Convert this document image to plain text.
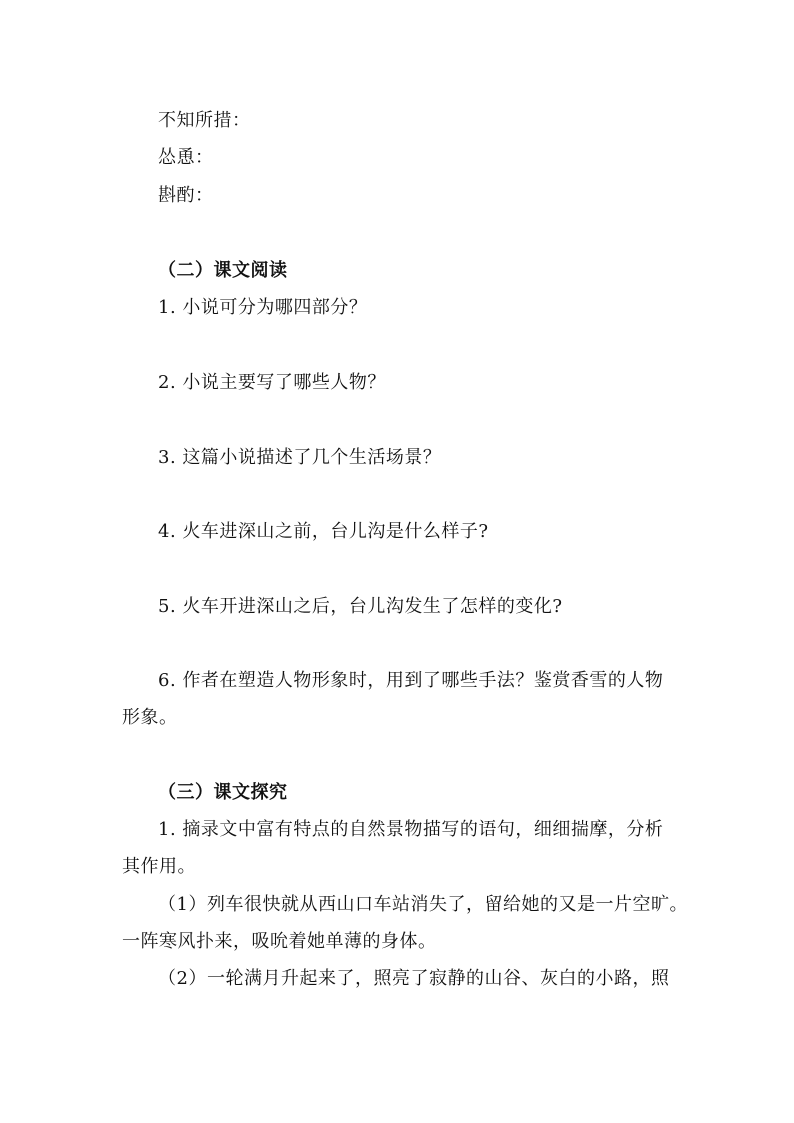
不知所措：
怂恿：
斟酌：
（二）课文阅读
1. 小说可分为哪四部分？
2. 小说主要写了哪些人物？
3. 这篇小说描述了几个生活场景？
4. 火车进深山之前，台儿沟是什么样子?
5. 火车开进深山之后，台儿沟发生了怎样的变化?
6. 作者在塑造人物形象时，用到了哪些手法？鉴赏香雪的人物
形象。
（三）课文探究
1. 摘录文中富有特点的自然景物描写的语句，细细揣摩，分析
其作用。
（1）列车很快就从西山口车站消失了，留给她的又是一片空旷。
一阵寒风扑来，吸吮着她单薄的身体。
（2）一轮满月升起来了，照亮了寂静的山谷、灰白的小路，照
